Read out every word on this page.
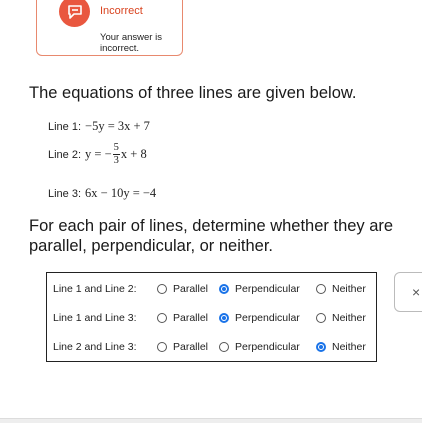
Incorrect
Your answer is incorrect.
The equations of three lines are given below.
Line 1: −5y = 3x + 7
Line 2: y = − $\frac{5}{3}$ x + 8
Line 3: 6x − 10y = −4
For each pair of lines, determine whether they are parallel, perpendicular, or neither.
Line 1 and Line 2:	Parallel	Perpendicular	Neither
Line 1 and Line 3:	Parallel	Perpendicular	Neither
Line 2 and Line 3:	Parallel	Perpendicular	Neither
×
